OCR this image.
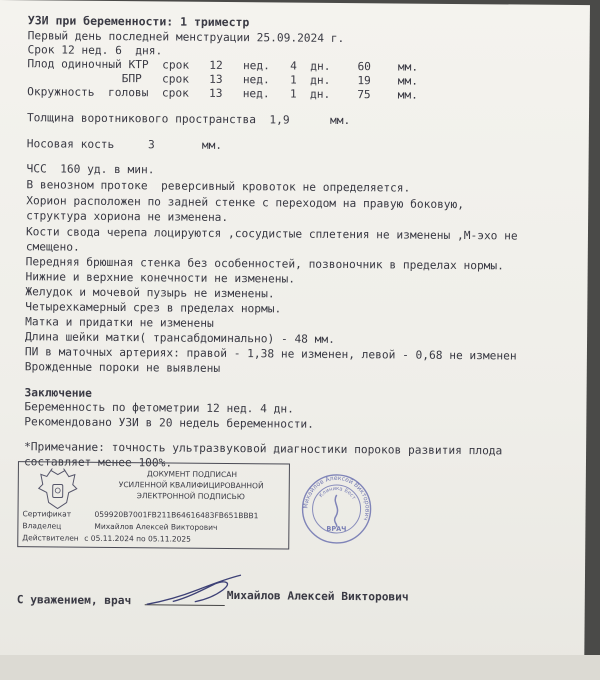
УЗИ при беременности: 1 триместр
Первый день последней менструации 25.09.2024 г.
Срок 12 нед. 6  дня.
Плод одиночный КТР  срок   12   нед.   4  дн.    60    мм.
БПР   срок   13   нед.   1  дн.    19    мм.
Окружность  головы  срок   13   нед.   1  дн.    75    мм.
Толщина воротникового пространства  1,9      мм.
Носовая кость     3       мм.
ЧСС  160 уд. в мин.
В венозном протоке  реверсивный кровоток не определяется.
Хорион расположен по задней стенке с переходом на правую боковую,
структура хориона не изменена.
Кости свода черепа лоцируются ,сосудистые сплетения не изменены ,М-эхо не
смещено.
Передняя брюшная стенка без особенностей, позвоночник в пределах нормы.
Нижние и верхние конечности не изменены.
Желудок и мочевой пузырь не изменены.
Четырехкамерный срез в пределах нормы.
Матка и придатки не изменены
Длина шейки матки( трансабдоминально) - 48 мм.
ПИ в маточных артериях: правой - 1,38 не изменен, левой - 0,68 не изменен
Врожденные пороки не выявлены
Заключение
Беременность по фетометрии 12 нед. 4 дн.
Рекомендовано УЗИ в 20 недель беременности.
*Примечание: точность ультразвуковой диагностики пороков развития плода
составляет менее 100%.
ДОКУМЕНТ ПОДПИСАН
УСИЛЕННОЙ КВАЛИФИЦИРОВАННОЙ
ЭЛЕКТРОННОЙ ПОДПИСЬЮ
Сертификат	059920B7001FB211B64616483FB651BBB1
Владелец	Михайлов Алексей Викторович
Действителен с 05.11.2024 по 05.11.2025
Михайлов Алексей Викторович
Клиника Бест
ВРАЧ
С уважением, врач	Михайлов Алексей Викторович
